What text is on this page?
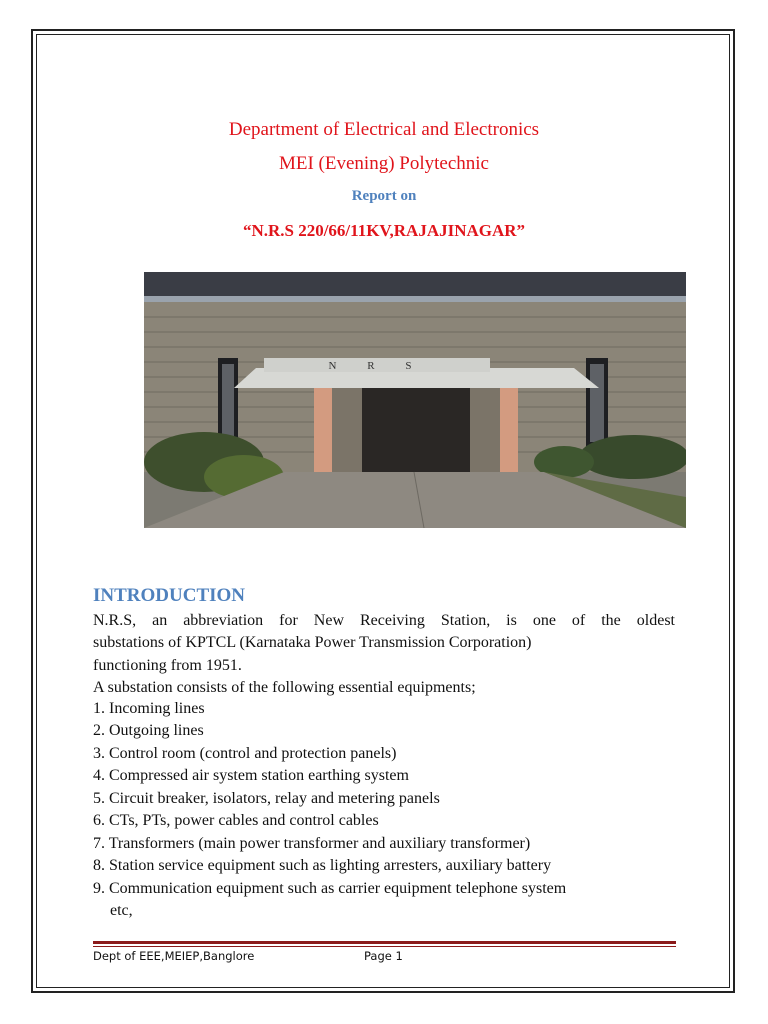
Department of Electrical and Electronics
MEI (Evening) Polytechnic
Report on
“N.R.S 220/66/11KV,RAJAJINAGAR”
N R S
INTRODUCTION
N.R.S, an abbreviation for New Receiving Station, is one of the oldest
substations of KPTCL (Karnataka Power Transmission Corporation)
functioning from 1951.
A substation consists of the following essential equipments;
1. Incoming lines
2. Outgoing lines
3. Control room (control and protection panels)
4. Compressed air system station earthing system
5. Circuit breaker, isolators, relay and metering panels
6. CTs, PTs, power cables and control cables
7. Transformers (main power transformer and auxiliary transformer)
8. Station service equipment such as lighting arresters, auxiliary battery
9. Communication equipment such as carrier equipment telephone system
etc,
Dept of EEE,MEIEP,Banglore	Page 1
